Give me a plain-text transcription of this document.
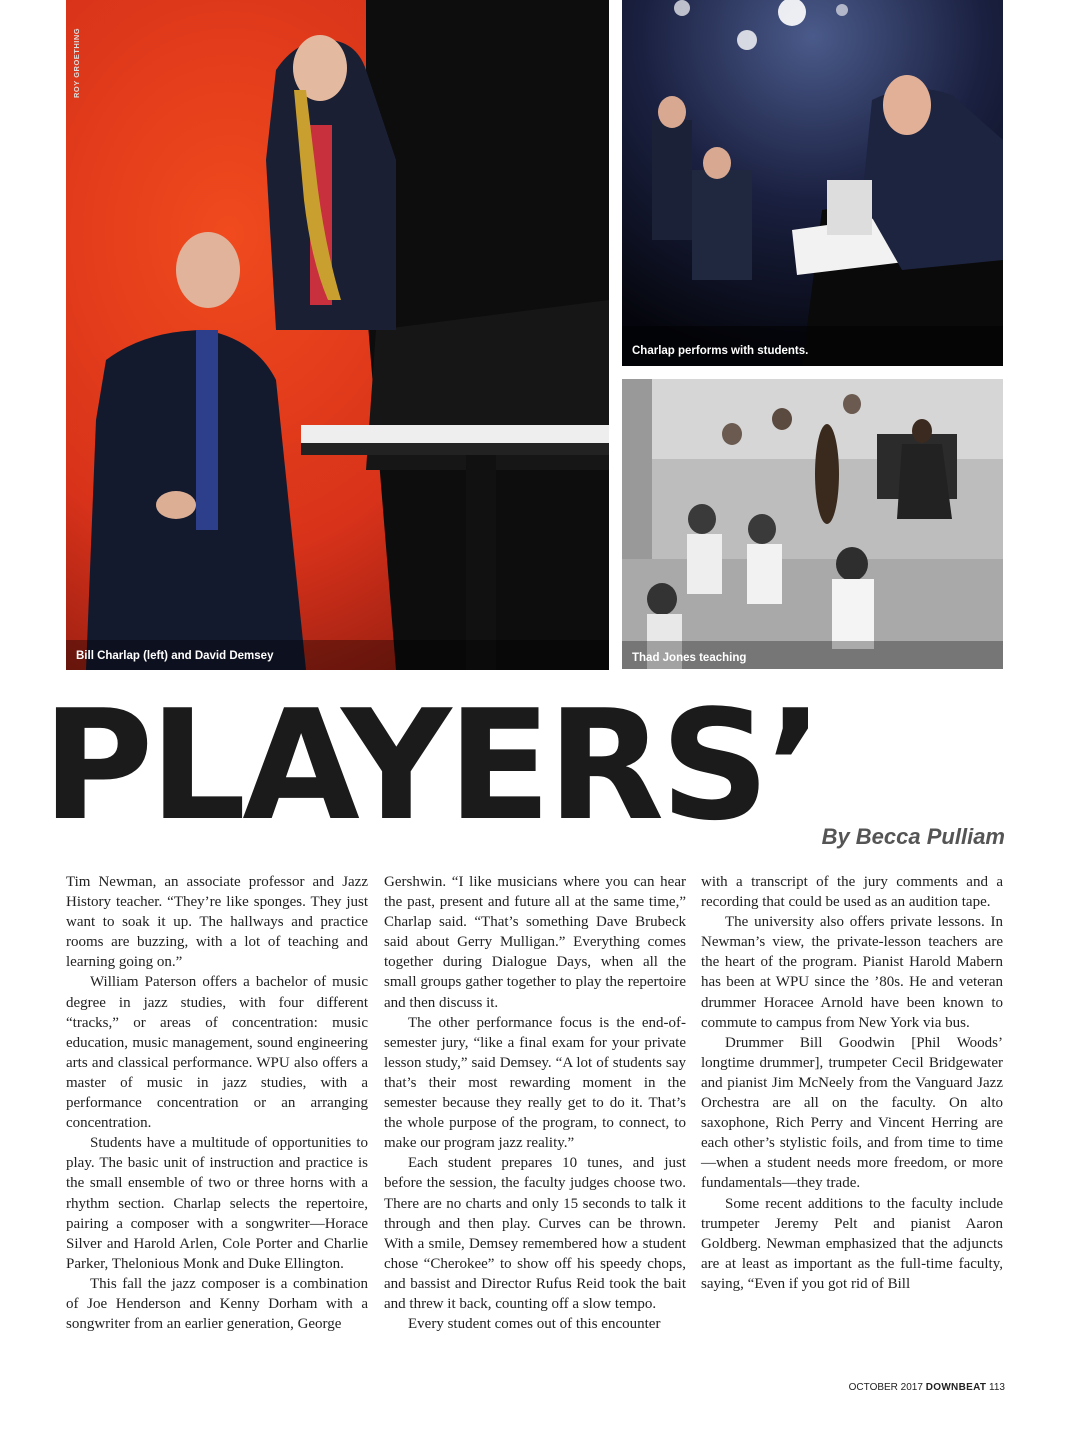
ROY GROETHING
Bill Charlap (left) and David Demsey
Charlap performs with students.
Thad Jones teaching
PLAYERS’ By Becca Pulliam

Tim Newman, an associate professor and Jazz History teacher. “They’re like sponges. They just want to soak it up. The hallways and practice rooms are buzzing, with a lot of teaching and learning going on.”

William Paterson offers a bachelor of music degree in jazz studies, with four different “tracks,” or areas of concentration: music education, music management, sound engineering arts and classical performance. WPU also offers a master of music in jazz studies, with a performance concentration or an arranging concentration.

Students have a multitude of opportunities to play. The basic unit of instruction and practice is the small ensemble of two or three horns with a rhythm section. Charlap selects the repertoire, pairing a composer with a songwriter—Horace Silver and Harold Arlen, Cole Porter and Charlie Parker, Thelonious Monk and Duke Ellington.

This fall the jazz composer is a combination of Joe Henderson and Kenny Dorham with a songwriter from an earlier generation, George

Gershwin. “I like musicians where you can hear the past, present and future all at the same time,” Charlap said. “That’s something Dave Brubeck said about Gerry Mulligan.” Everything comes together during Dialogue Days, when all the small groups gather together to play the repertoire and then discuss it.

The other performance focus is the end-of-semester jury, “like a final exam for your private lesson study,” said Demsey. “A lot of students say that’s their most rewarding moment in the semester because they really get to do it. That’s the whole purpose of the program, to connect, to make our program jazz reality.”

Each student prepares 10 tunes, and just before the session, the faculty judges choose two. There are no charts and only 15 seconds to talk it through and then play. Curves can be thrown. With a smile, Demsey remembered how a student chose “Cherokee” to show off his speedy chops, and bassist and Director Rufus Reid took the bait and threw it back, counting off a slow tempo.

Every student comes out of this encounter

with a transcript of the jury comments and a recording that could be used as an audition tape.

The university also offers private lessons. In Newman’s view, the private-lesson teachers are the heart of the program. Pianist Harold Mabern has been at WPU since the ’80s. He and veteran drummer Horacee Arnold have been known to commute to campus from New York via bus.

Drummer Bill Goodwin [Phil Woods’ longtime drummer], trumpeter Cecil Bridgewater and pianist Jim McNeely from the Vanguard Jazz Orchestra are all on the faculty. On alto saxophone, Rich Perry and Vincent Herring are each other’s stylistic foils, and from time to time—when a student needs more freedom, or more fundamentals—they trade.

Some recent additions to the faculty include trumpeter Jeremy Pelt and pianist Aaron Goldberg. Newman emphasized that the adjuncts are at least as important as the full-time faculty, saying, “Even if you got rid of Bill

OCTOBER 2017 DOWNBEAT 113
